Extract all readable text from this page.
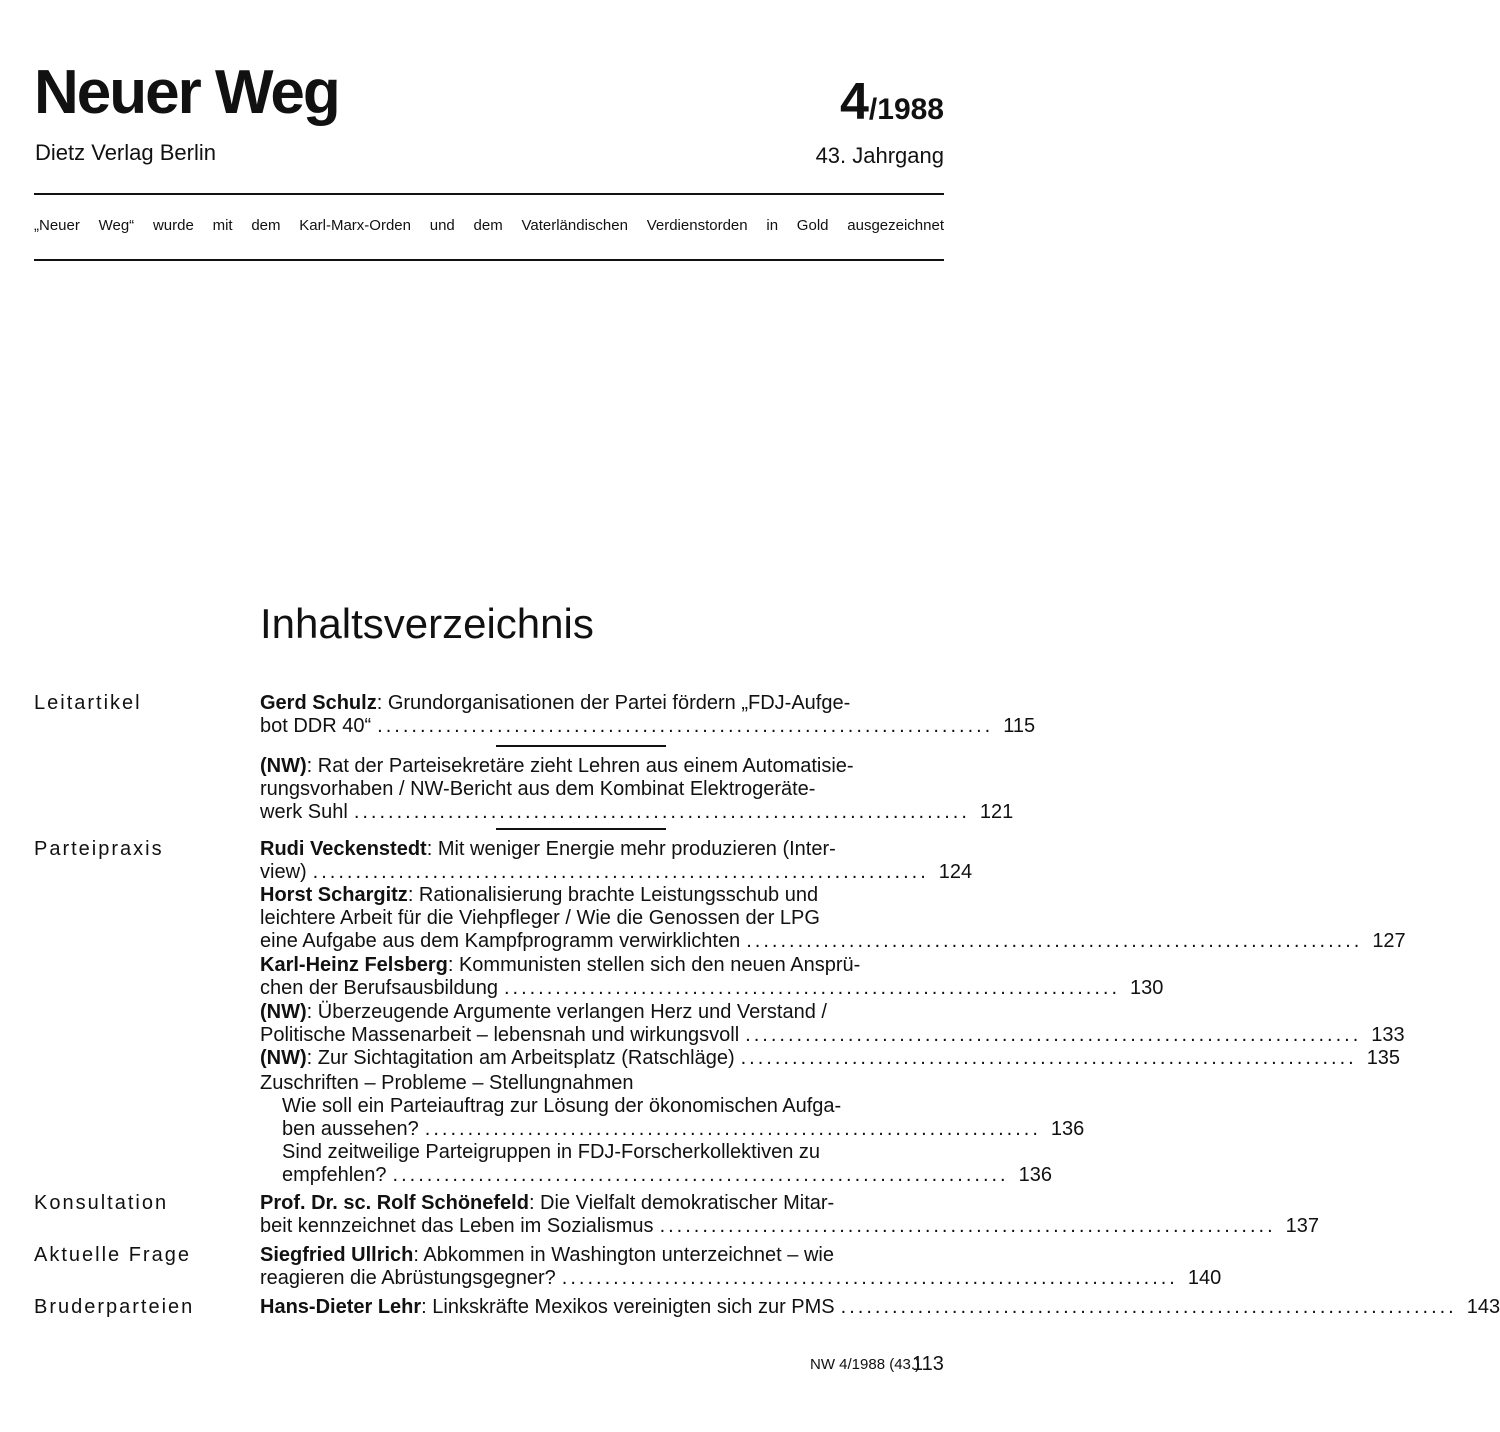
Neuer Weg
Dietz Verlag Berlin
4/1988
43. Jahrgang
„Neuer Weg“ wurde mit dem Karl-Marx-Orden und dem Vaterländischen Verdienstorden in Gold ausgezeichnet
Inhaltsverzeichnis
Leitartikel
Parteipraxis
Konsultation
Aktuelle Frage
Bruderparteien
Gerd Schulz : Grundorganisationen der Partei fördern „FDJ-Aufge-
bot DDR 40“ ........................................................................ 115
(NW) : Rat der Parteisekretäre zieht Lehren aus einem Automatisie-
rungsvorhaben / NW-Bericht aus dem Kombinat Elektrogeräte-
werk Suhl ........................................................................ 121
Rudi Veckenstedt : Mit weniger Energie mehr produzieren (Inter-
view) ........................................................................ 124
Horst Schargitz : Rationalisierung brachte Leistungsschub und
leichtere Arbeit für die Viehpfleger / Wie die Genossen der LPG
eine Aufgabe aus dem Kampfprogramm verwirklichten ........................................................................ 127
Karl-Heinz Felsberg : Kommunisten stellen sich den neuen Ansprü-
chen der Berufsausbildung ........................................................................ 130
(NW) : Überzeugende Argumente verlangen Herz und Verstand /
Politische Massenarbeit – lebensnah und wirkungsvoll ........................................................................ 133
(NW) : Zur Sichtagitation am Arbeitsplatz (Ratschläge) ........................................................................ 135
Zuschriften – Probleme – Stellungnahmen
Wie soll ein Parteiauftrag zur Lösung der ökonomischen Aufga-
ben aussehen? ........................................................................ 136
Sind zeitweilige Parteigruppen in FDJ-Forscherkollektiven zu
empfehlen? ........................................................................ 136
Prof. Dr. sc. Rolf Schönefeld : Die Vielfalt demokratischer Mitar-
beit kennzeichnet das Leben im Sozialismus ........................................................................ 137
Siegfried Ullrich : Abkommen in Washington unterzeichnet – wie
reagieren die Abrüstungsgegner? ........................................................................ 140
Hans-Dieter Lehr : Linkskräfte Mexikos vereinigten sich zur PMS ........................................................................ 143
NW 4/1988 (43.)
113
